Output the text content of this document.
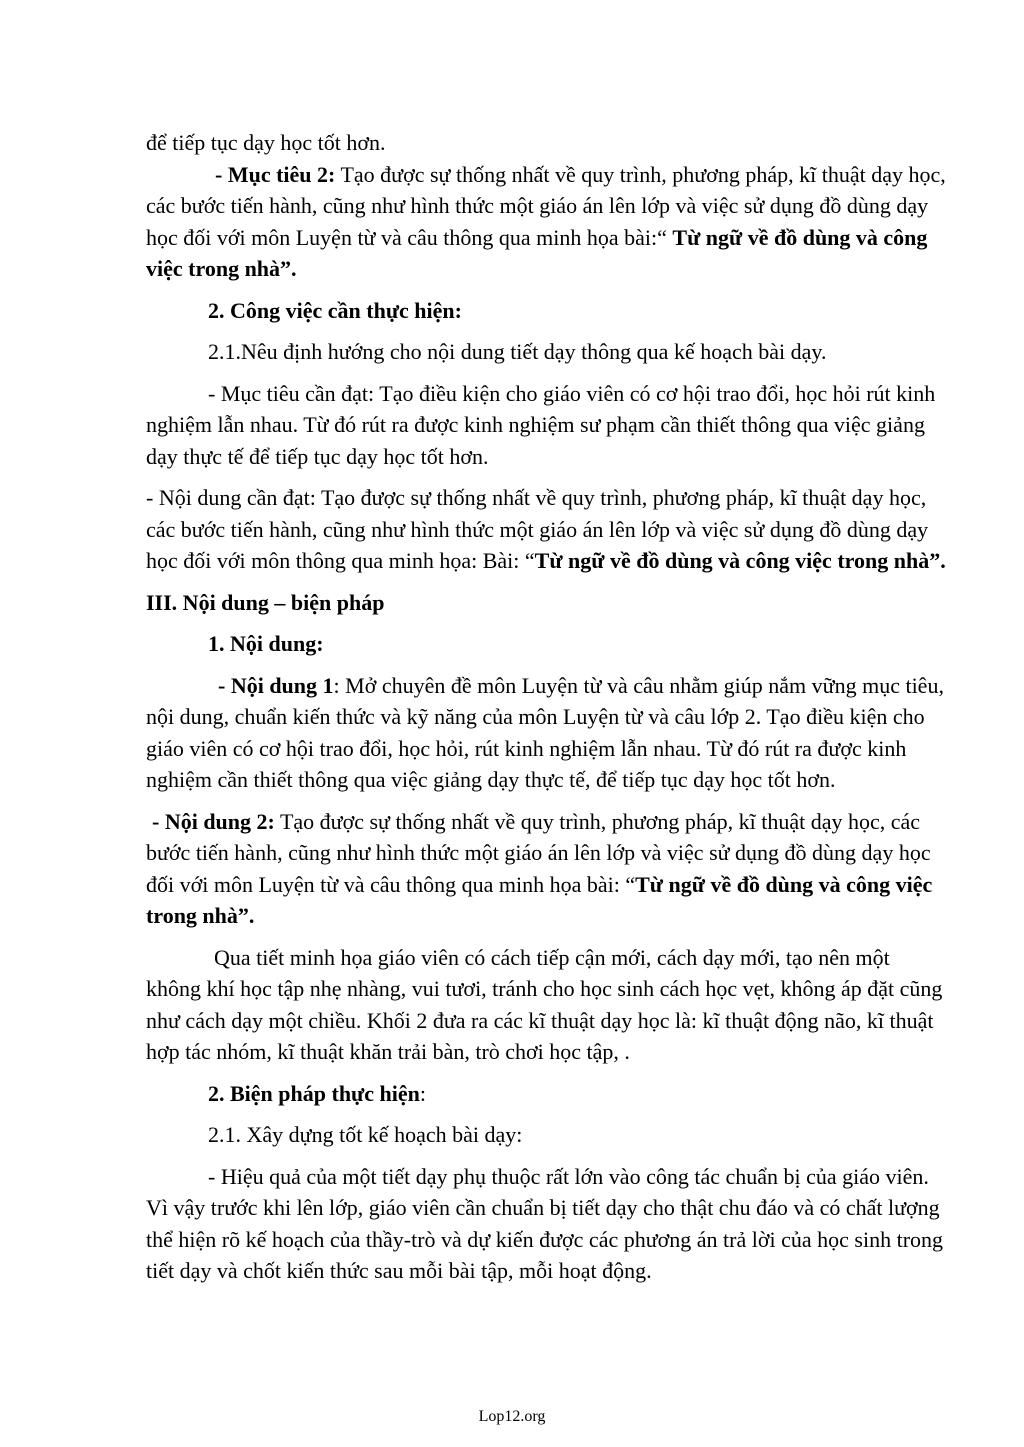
để tiếp tục dạy học tốt hơn.

- Mục tiêu 2: Tạo được sự thống nhất về quy trình, phương pháp, kĩ thuật dạy học, các bước tiến hành, cũng như hình thức một giáo án lên lớp và việc sử dụng đồ dùng dạy học đối với môn Luyện từ và câu thông qua minh họa bài:“ Từ ngữ về đồ dùng và công việc trong nhà”.

2. Công việc cần thực hiện:

2.1.Nêu định hướng cho nội dung tiết dạy thông qua kế hoạch bài dạy.

- Mục tiêu cần đạt: Tạo điều kiện cho giáo viên có cơ hội trao đổi, học hỏi rút kinh nghiệm lẫn nhau. Từ đó rút ra được kinh nghiệm sư phạm cần thiết thông qua việc giảng dạy thực tế để tiếp tục dạy học tốt hơn.

- Nội dung cần đạt: Tạo được sự thống nhất về quy trình, phương pháp, kĩ thuật dạy học, các bước tiến hành, cũng như hình thức một giáo án lên lớp và việc sử dụng đồ dùng dạy học đối với môn thông qua minh họa: Bài: “Từ ngữ về đồ dùng và công việc trong nhà”.

III. Nội dung – biện pháp

1. Nội dung:

- Nội dung 1: Mở chuyên đề môn Luyện từ và câu nhằm giúp nắm vững mục tiêu, nội dung, chuẩn kiến thức và kỹ năng của môn Luyện từ và câu lớp 2. Tạo điều kiện cho giáo viên có cơ hội trao đổi, học hỏi, rút kinh nghiệm lẫn nhau. Từ đó rút ra được kinh nghiệm cần thiết thông qua việc giảng dạy thực tế, để tiếp tục dạy học tốt hơn.

- Nội dung 2: Tạo được sự thống nhất về quy trình, phương pháp, kĩ thuật dạy học, các bước tiến hành, cũng như hình thức một giáo án lên lớp và việc sử dụng đồ dùng dạy học đối với môn Luyện từ và câu thông qua minh họa bài: “Từ ngữ về đồ dùng và công việc trong nhà”.

Qua tiết minh họa giáo viên có cách tiếp cận mới, cách dạy mới, tạo nên một không khí học tập nhẹ nhàng, vui tươi, tránh cho học sinh cách học vẹt, không áp đặt cũng như cách dạy một chiều. Khối 2 đưa ra các kĩ thuật dạy học là: kĩ thuật động não, kĩ thuật hợp tác nhóm, kĩ thuật khăn trải bàn, trò chơi học tập, .

2. Biện pháp thực hiện:

2.1. Xây dựng tốt kế hoạch bài dạy:

- Hiệu quả của một tiết dạy phụ thuộc rất lớn vào công tác chuẩn bị của giáo viên. Vì vậy trước khi lên lớp, giáo viên cần chuẩn bị tiết dạy cho thật chu đáo và có chất lượng thể hiện rõ kế hoạch của thầy-trò và dự kiến được các phương án trả lời của học sinh trong tiết dạy và chốt kiến thức sau mỗi bài tập, mỗi hoạt động.

Lop12.org
